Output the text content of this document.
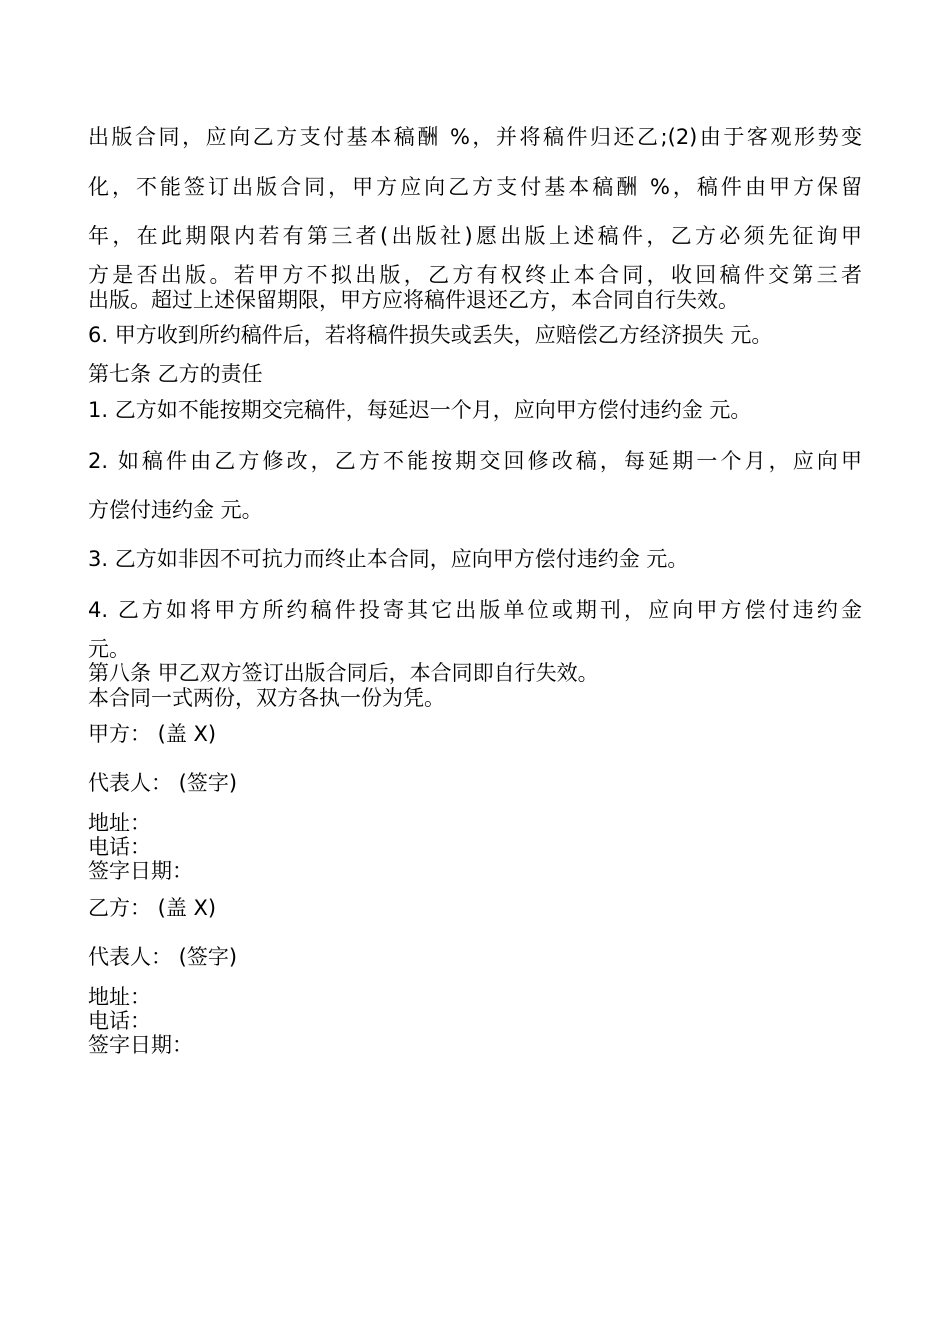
出版合同，应向乙方支付基本稿酬 %，并将稿件归还乙;(2)由于客观形势变
化，不能签订出版合同，甲方应向乙方支付基本稿酬 %，稿件由甲方保留
年，在此期限内若有第三者(出版社)愿出版上述稿件，乙方必须先征询甲
方是否出版。若甲方不拟出版，乙方有权终止本合同，收回稿件交第三者
出版。超过上述保留期限，甲方应将稿件退还乙方，本合同自行失效。
6. 甲方收到所约稿件后，若将稿件损失或丢失，应赔偿乙方经济损失 元。
第七条 乙方的责任
1. 乙方如不能按期交完稿件，每延迟一个月，应向甲方偿付违约金 元。
2. 如稿件由乙方修改，乙方不能按期交回修改稿，每延期一个月，应向甲
方偿付违约金 元。
3. 乙方如非因不可抗力而终止本合同，应向甲方偿付违约金 元。
4. 乙方如将甲方所约稿件投寄其它出版单位或期刊，应向甲方偿付违约金
元。
第八条 甲乙双方签订出版合同后，本合同即自行失效。
本合同一式两份，双方各执一份为凭。
甲方： (盖 X)
代表人： (签字)
地址：
电话：
签字日期：
乙方： (盖 X)
代表人： (签字)
地址：
电话：
签字日期：
